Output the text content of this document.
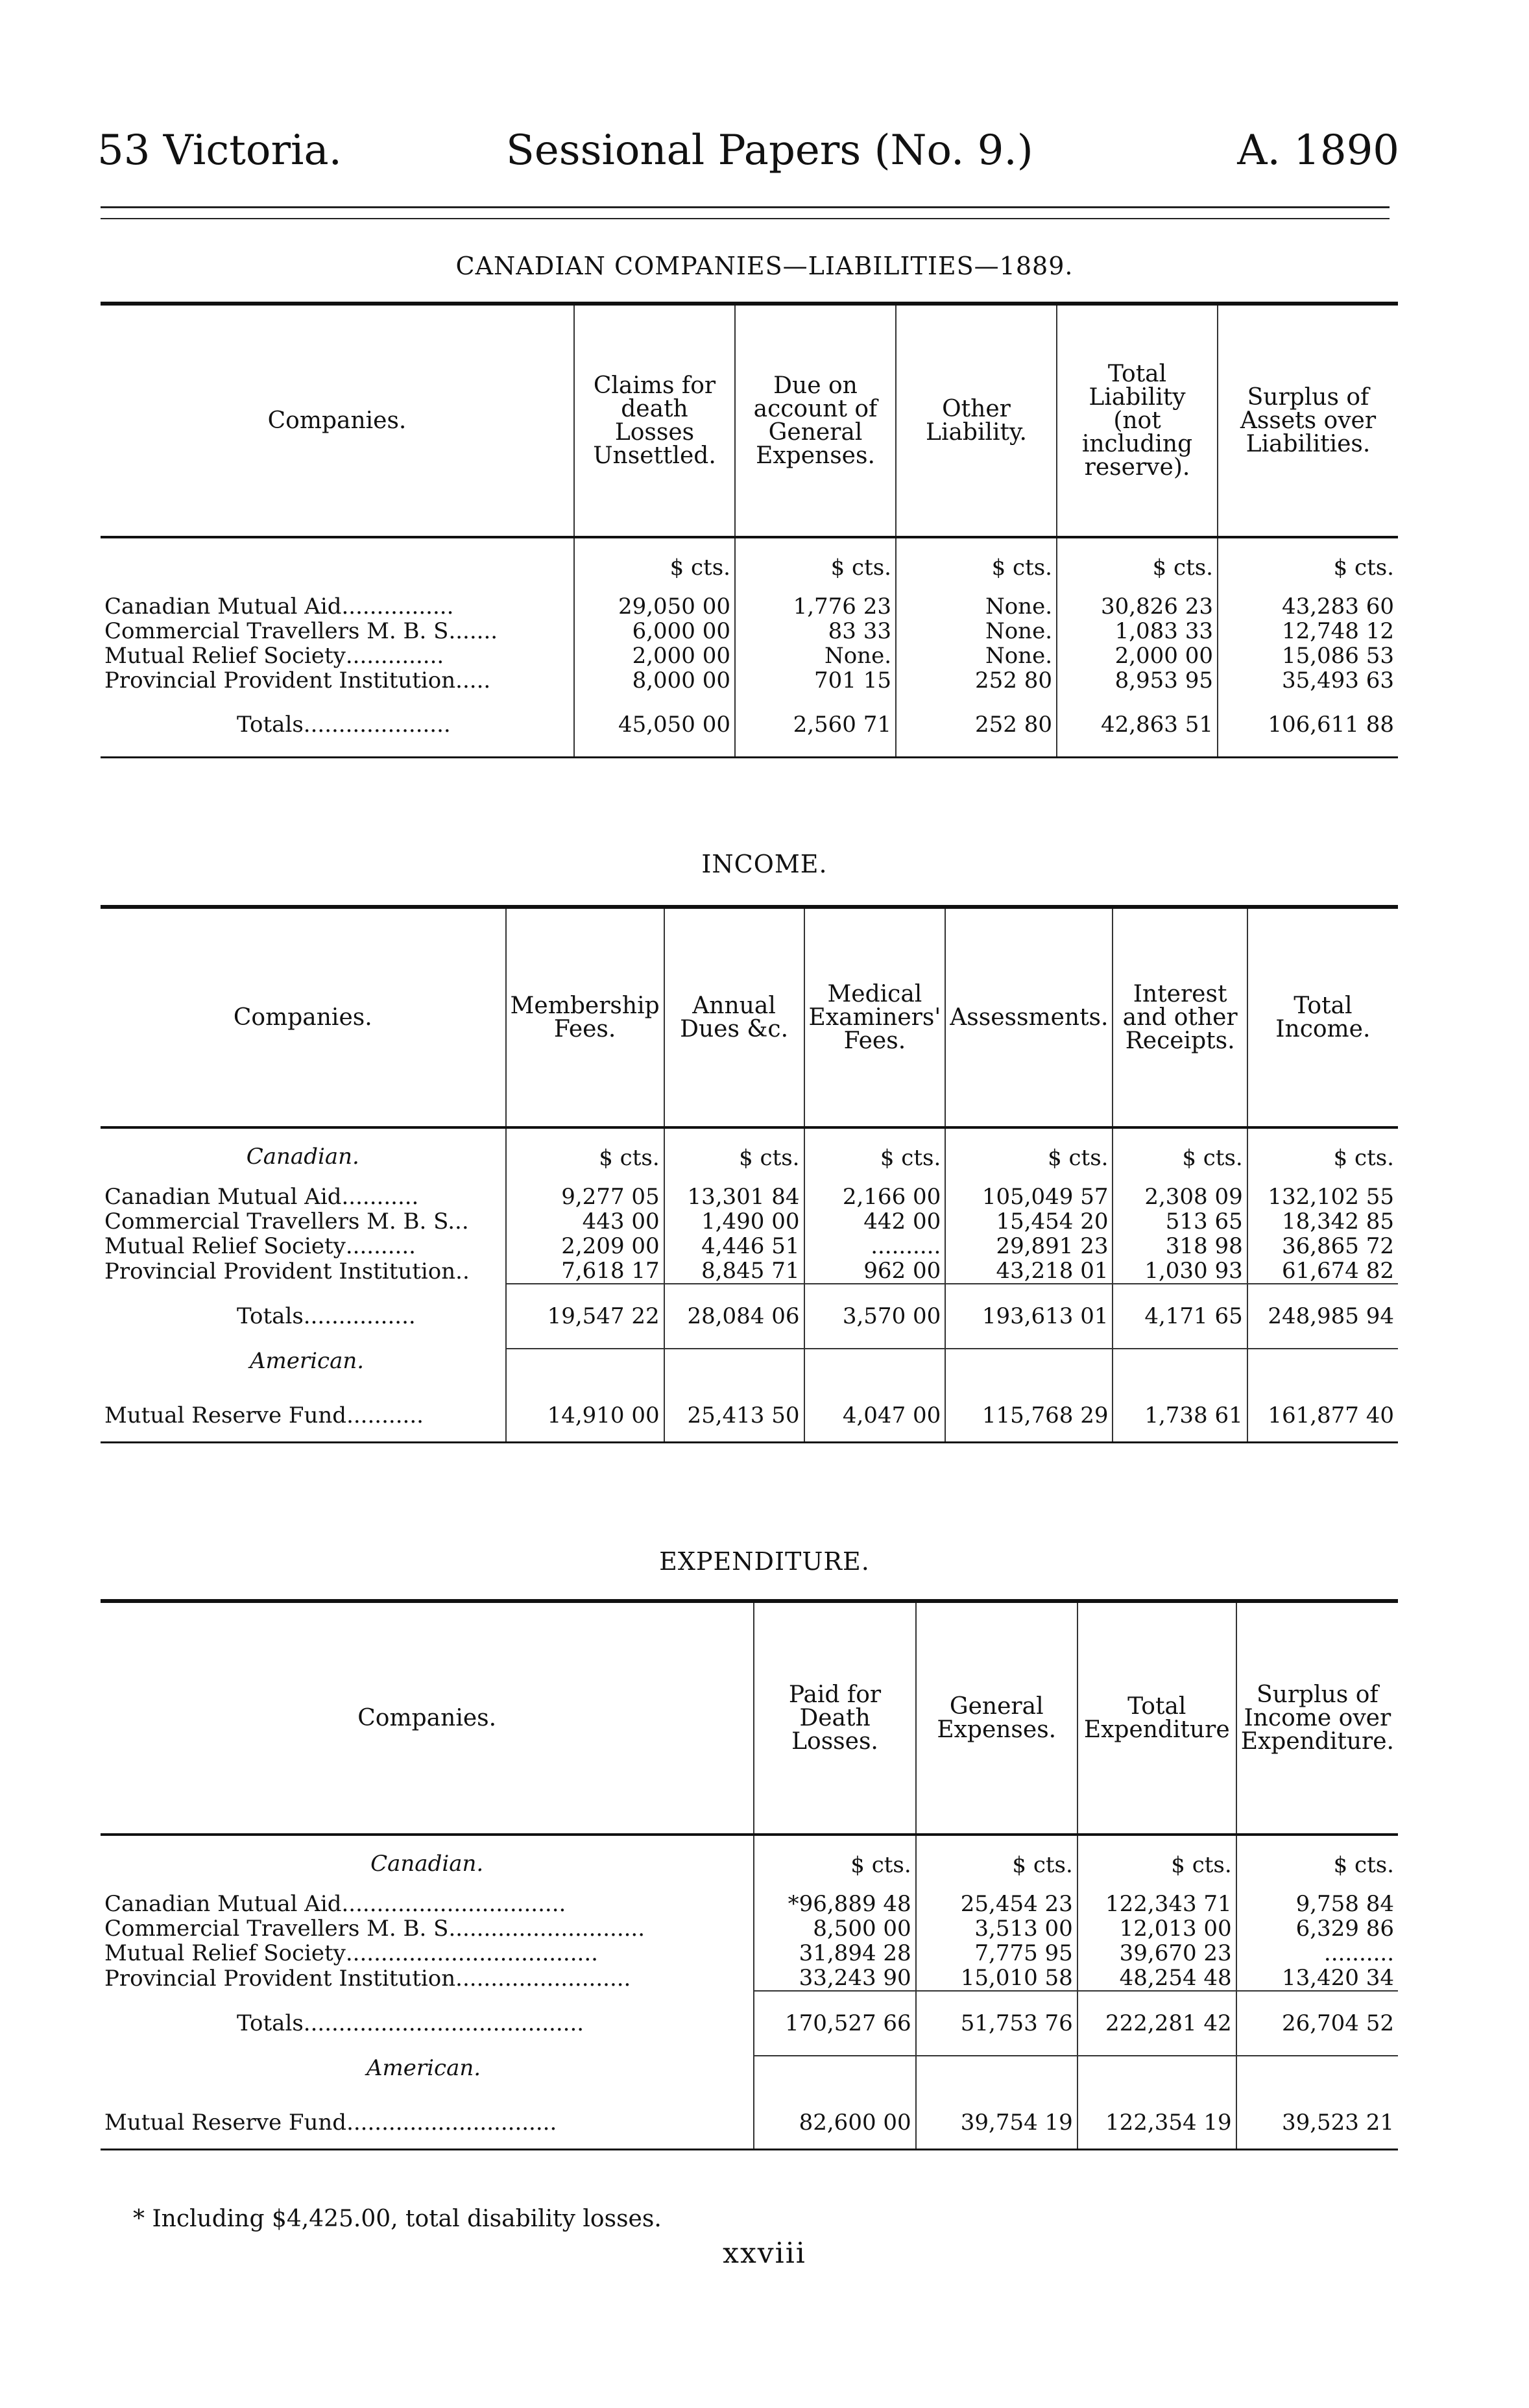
53 Victoria.	Sessional Papers (No. 9.)	A. 1890
CANADIAN COMPANIES—LIABILITIES—1889.
Companies.	Claims for death Losses Unsettled.	Due on account of General Expenses.	Other Liability.	Total Liability (not including reserve).	Surplus of Assets over Liabilities.
	$ cts.	$ cts.	$ cts.	$ cts.	$ cts.
Canadian Mutual Aid................	29,050 00	1,776 23	None.	30,826 23	43,283 60
Commercial Travellers M. B. S.......	6,000 00	83 33	None.	1,083 33	12,748 12
Mutual Relief Society..............	2,000 00	None.	None.	2,000 00	15,086 53
Provincial Provident Institution.....	8,000 00	701 15	252 80	8,953 95	35,493 63
Totals.....................	45,050 00	2,560 71	252 80	42,863 51	106,611 88
INCOME.
Companies.	Membership Fees.	Annual Dues &c.	Medical Examiners' Fees.	Assessments.	Interest and other Receipts.	Total Income.
Canadian.	$ cts.	$ cts.	$ cts.	$ cts.	$ cts.	$ cts.
Canadian Mutual Aid...........	9,277 05	13,301 84	2,166 00	105,049 57	2,308 09	132,102 55
Commercial Travellers M. B. S...	443 00	1,490 00	442 00	15,454 20	513 65	18,342 85
Mutual Relief Society..........	2,209 00	4,446 51	..........	29,891 23	318 98	36,865 72
Provincial Provident Institution..	7,618 17	8,845 71	962 00	43,218 01	1,030 93	61,674 82
Totals................	19,547 22	28,084 06	3,570 00	193,613 01	4,171 65	248,985 94
American.						
Mutual Reserve Fund...........	14,910 00	25,413 50	4,047 00	115,768 29	1,738 61	161,877 40
EXPENDITURE.
Companies.	Paid for Death Losses.	General Expenses.	Total Expenditure	Surplus of Income over Expenditure.
Canadian.	$ cts.	$ cts.	$ cts.	$ cts.
Canadian Mutual Aid................................	*96,889 48	25,454 23	122,343 71	9,758 84
Commercial Travellers M. B. S............................	8,500 00	3,513 00	12,013 00	6,329 86
Mutual Relief Society....................................	31,894 28	7,775 95	39,670 23	..........
Provincial Provident Institution.........................	33,243 90	15,010 58	48,254 48	13,420 34
Totals........................................	170,527 66	51,753 76	222,281 42	26,704 52
American.				
Mutual Reserve Fund..............................	82,600 00	39,754 19	122,354 19	39,523 21
* Including $4,425.00, total disability losses.
xxviii
